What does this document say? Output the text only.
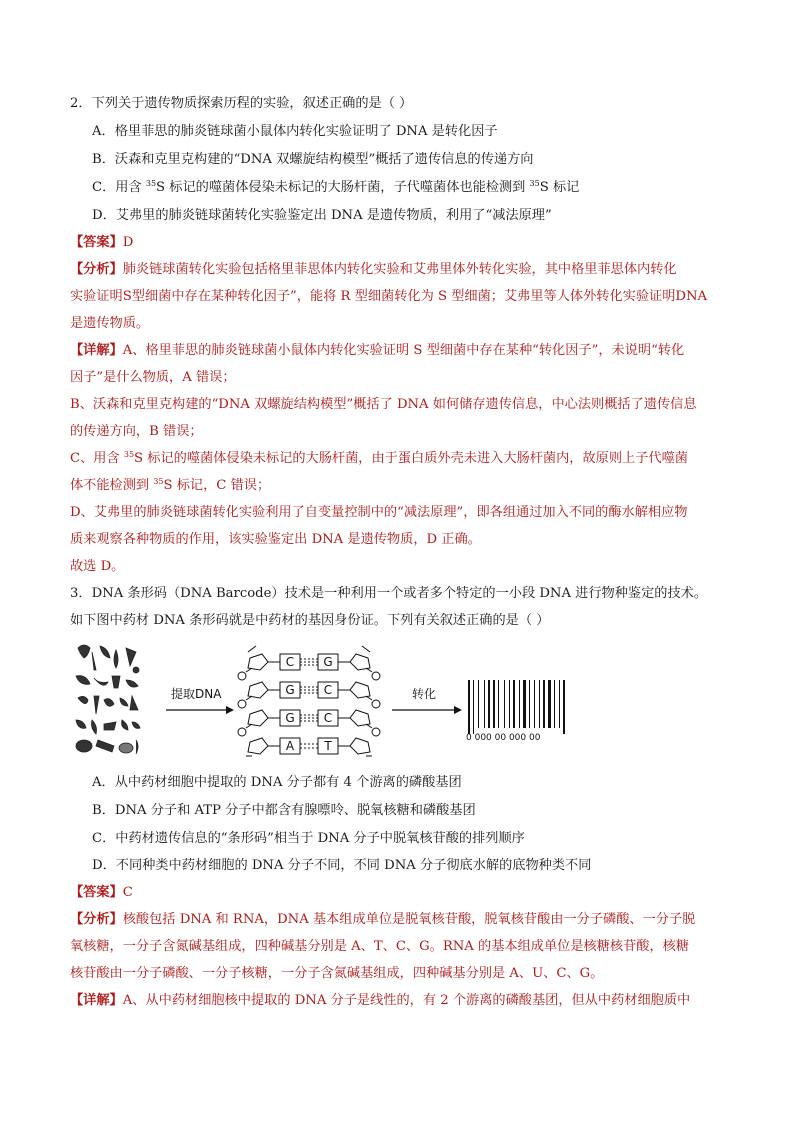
2．下列关于遗传物质探索历程的实验，叙述正确的是（ ）
A．格里菲思的肺炎链球菌小鼠体内转化实验证明了 DNA 是转化因子
B．沃森和克里克构建的“DNA 双螺旋结构模型”概括了遗传信息的传递方向
C．用含 $^{35}$S 标记的噬菌体侵染未标记的大肠杆菌，子代噬菌体也能检测到 $^{35}$S 标记
D．艾弗里的肺炎链球菌转化实验鉴定出 DNA 是遗传物质，利用了“减法原理”
【答案】D
【分析】肺炎链球菌转化实验包括格里菲思体内转化实验和艾弗里体外转化实验，其中格里菲思体内转化
实验证明S型细菌中存在某种转化因子”，能将 R 型细菌转化为 S 型细菌；艾弗里等人体外转化实验证明DNA
是遗传物质。
【详解】A、格里菲思的肺炎链球菌小鼠体内转化实验证明 S 型细菌中存在某种“转化因子”，未说明“转化
因子”是什么物质，A 错误；
B、沃森和克里克构建的“DNA 双螺旋结构模型”概括了 DNA 如何储存遗传信息，中心法则概括了遗传信息
的传递方向，B 错误；
C、用含 $^{35}$S 标记的噬菌体侵染未标记的大肠杆菌，由于蛋白质外壳未进入大肠杆菌内，故原则上子代噬菌
体不能检测到 $^{35}$S 标记，C 错误；
D、艾弗里的肺炎链球菌转化实验利用了自变量控制中的“减法原理”，即各组通过加入不同的酶水解相应物
质来观察各种物质的作用，该实验鉴定出 DNA 是遗传物质，D 正确。
故选 D。
3．DNA 条形码（DNA Barcode）技术是一种利用一个或者多个特定的一小段 DNA 进行物种鉴定的技术。
如下图中药材 DNA 条形码就是中药材的基因身份证。下列有关叙述正确的是（ ）
提取DNA
C G
G C
G C
A	T
转化
0 000 00 000 00
A．从中药材细胞中提取的 DNA 分子都有 4 个游离的磷酸基团
B．DNA 分子和 ATP 分子中都含有腺嘌呤、脱氧核糖和磷酸基团
C．中药材遗传信息的“条形码”相当于 DNA 分子中脱氧核苷酸的排列顺序
D．不同种类中药材细胞的 DNA 分子不同，不同 DNA 分子彻底水解的底物种类不同
【答案】C
【分析】核酸包括 DNA 和 RNA，DNA 基本组成单位是脱氧核苷酸，脱氧核苷酸由一分子磷酸、一分子脱
氧核糖，一分子含氮碱基组成，四种碱基分别是 A、T、C、G。RNA 的基本组成单位是核糖核苷酸，核糖
核苷酸由一分子磷酸、一分子核糖，一分子含氮碱基组成，四种碱基分别是 A、U、C、G。
【详解】A、从中药材细胞核中提取的 DNA 分子是线性的，有 2 个游离的磷酸基团，但从中药材细胞质中
